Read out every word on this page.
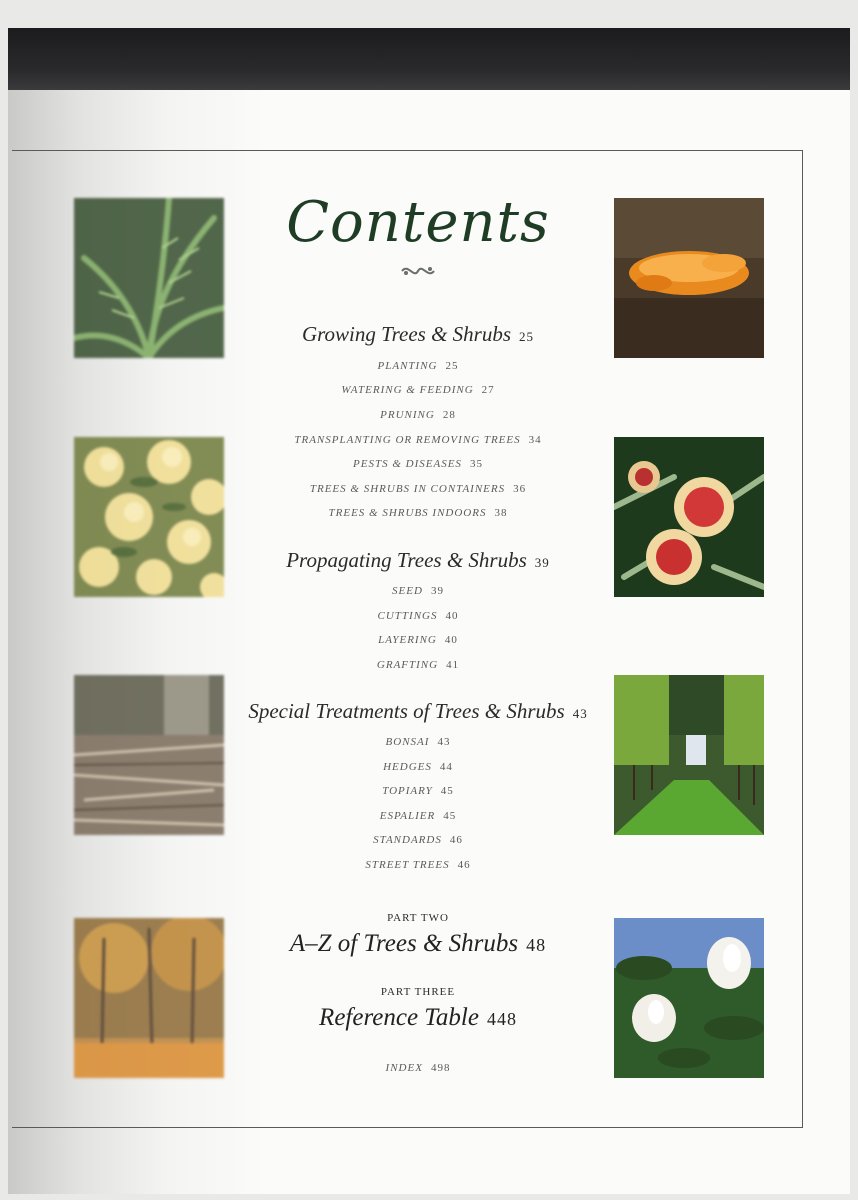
Contents
Growing Trees & Shrubs 25
PLANTING 25
WATERING & FEEDING 27
PRUNING 28
TRANSPLANTING OR REMOVING TREES 34
PESTS & DISEASES 35
TREES & SHRUBS IN CONTAINERS 36
TREES & SHRUBS INDOORS 38
Propagating Trees & Shrubs 39
SEED 39
CUTTINGS 40
LAYERING 40
GRAFTING 41
Special Treatments of Trees & Shrubs 43
BONSAI 43
HEDGES 44
TOPIARY 45
ESPALIER 45
STANDARDS 46
STREET TREES 46
PART TWO
A–Z of Trees & Shrubs 48
PART THREE
Reference Table 448
INDEX 498
